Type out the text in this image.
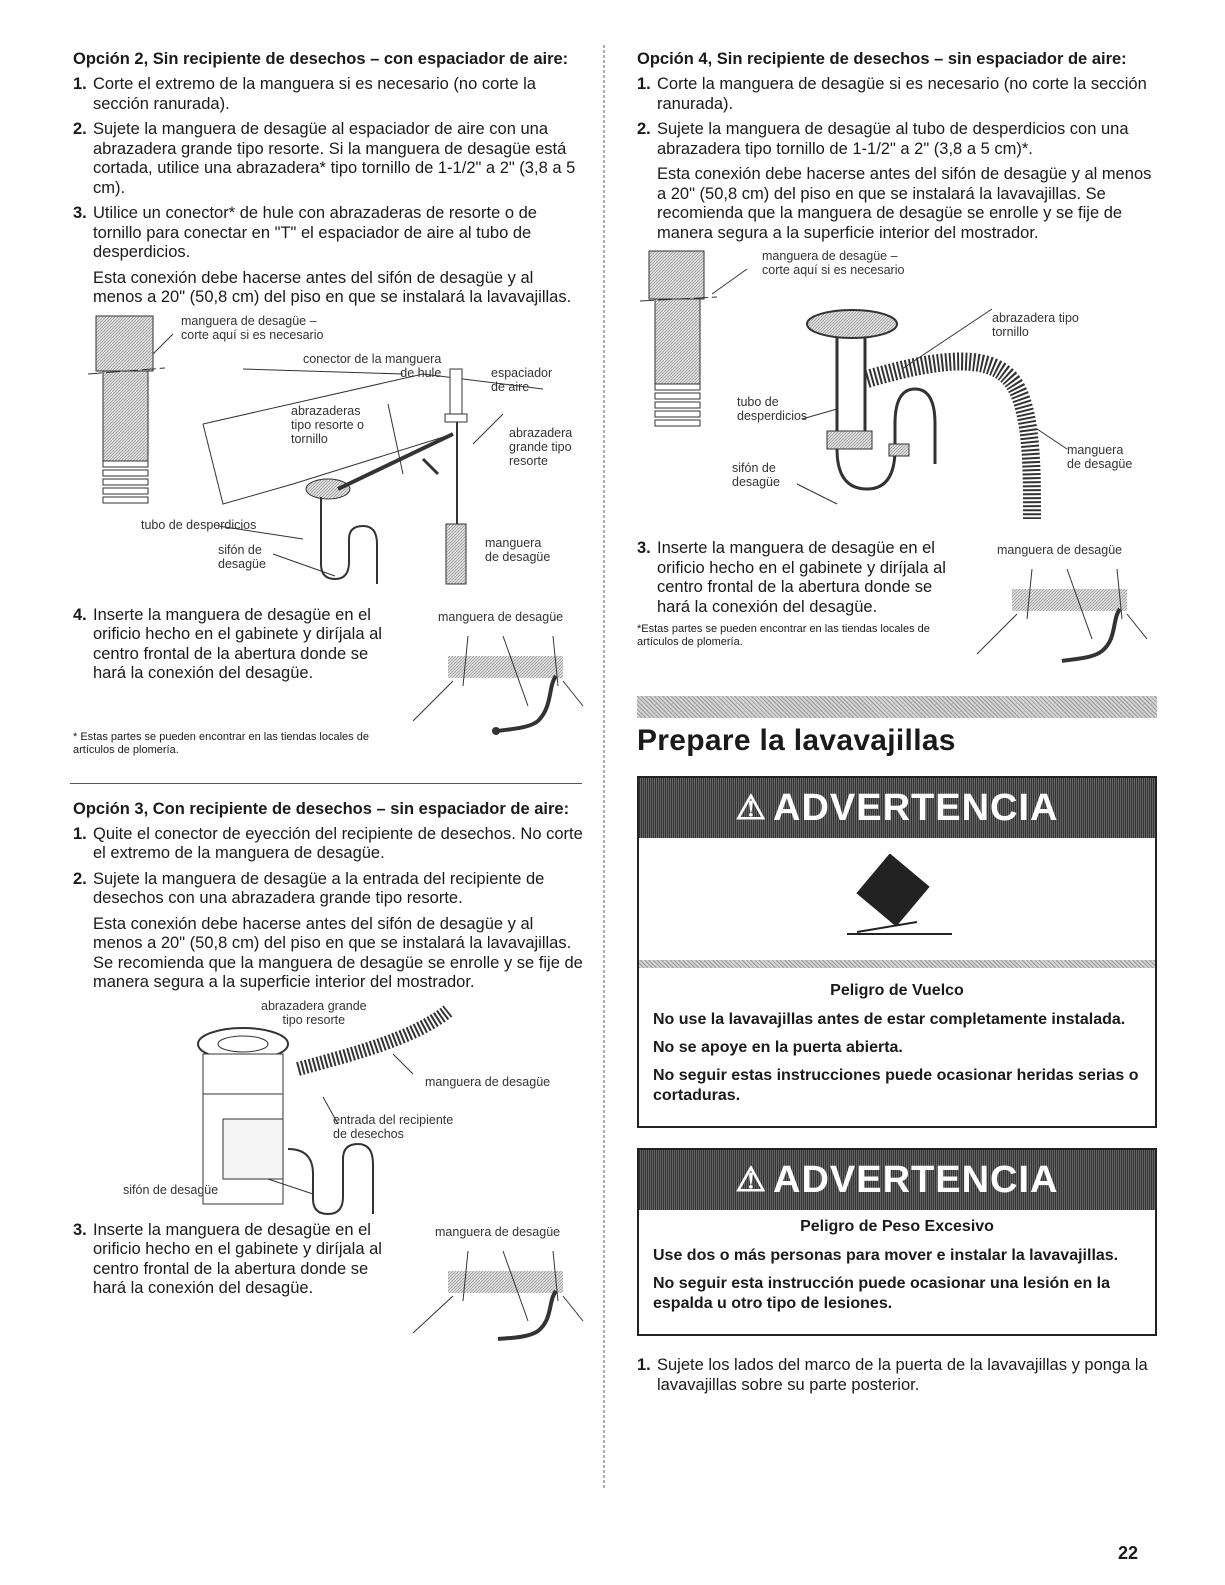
Opción 2, Sin recipiente de desechos – con espaciador de aire:
1. Corte el extremo de la manguera si es necesario (no corte la sección ranurada).
2. Sujete la manguera de desagüe al espaciador de aire con una abrazadera grande tipo resorte. Si la manguera de desagüe está cortada, utilice una abrazadera* tipo tornillo de 1-1/2" a 2" (3,8 a 5 cm).
3. Utilice un conector* de hule con abrazaderas de resorte o de tornillo para conectar en "T" el espaciador de aire al tubo de desperdicios.

Esta conexión debe hacerse antes del sifón de desagüe y al menos a 20" (50,8 cm) del piso en que se instalará la lavavajillas.

manguera de desagüe –
corte aquí si es necesario
conector de la manguera
de hule	espaciador
de aire
abrazaderas
tipo resorte o
tornillo	abrazadera
grande tipo
resorte
tubo de desperdicios
sifón de
desagüe
manguera
de desagüe
4. Inserte la manguera de desagüe en el orificio hecho en el gabinete y diríjala al centro frontal de la abertura donde se hará la conexión del desagüe.
manguera de desagüe
* Estas partes se pueden encontrar en las tiendas locales de artículos de plomería.
Opción 3, Con recipiente de desechos – sin espaciador de aire:
1. Quite el conector de eyección del recipiente de desechos. No corte el extremo de la manguera de desagüe.
2. Sujete la manguera de desagüe a la entrada del recipiente de desechos con una abrazadera grande tipo resorte.

Esta conexión debe hacerse antes del sifón de desagüe y al menos a 20" (50,8 cm) del piso en que se instalará la lavavajillas. Se recomienda que la manguera de desagüe se enrolle y se fije de manera segura a la superficie interior del mostrador.

abrazadera grande
tipo resorte
manguera de desagüe
entrada del recipiente
de desechos
sifón de desagüe
3. Inserte la manguera de desagüe en el orificio hecho en el gabinete y diríjala al centro frontal de la abertura donde se hará la conexión del desagüe.
manguera de desagüe
Opción 4, Sin recipiente de desechos – sin espaciador de aire:
1. Corte la manguera de desagüe si es necesario (no corte la sección ranurada).
2. Sujete la manguera de desagüe al tubo de desperdicios con una abrazadera tipo tornillo de 1-1/2" a 2" (3,8 a 5 cm)*.

Esta conexión debe hacerse antes del sifón de desagüe y al menos a 20" (50,8 cm) del piso en que se instalará la lavavajillas. Se recomienda que la manguera de desagüe se enrolle y se fije de manera segura a la superficie interior del mostrador.

manguera de desagüe –
corte aquí si es necesario
abrazadera tipo
tornillo
tubo de
desperdicios
sifón de
desagüe
manguera
de desagüe
3. Inserte la manguera de desagüe en el orificio hecho en el gabinete y diríjala al centro frontal de la abertura donde se hará la conexión del desagüe.
*Estas partes se pueden encontrar en las tiendas locales de artículos de plomería.
manguera de desagüe
Prepare la lavavajillas
⚠ ADVERTENCIA
Peligro de Vuelco
No use la lavavajillas antes de estar completamente instalada.
No se apoye en la puerta abierta.
No seguir estas instrucciones puede ocasionar heridas serias o cortaduras.
⚠ ADVERTENCIA
Peligro de Peso Excesivo
Use dos o más personas para mover e instalar la lavavajillas.
No seguir esta instrucción puede ocasionar una lesión en la espalda u otro tipo de lesiones.
1. Sujete los lados del marco de la puerta de la lavavajillas y ponga la lavavajillas sobre su parte posterior.
22
